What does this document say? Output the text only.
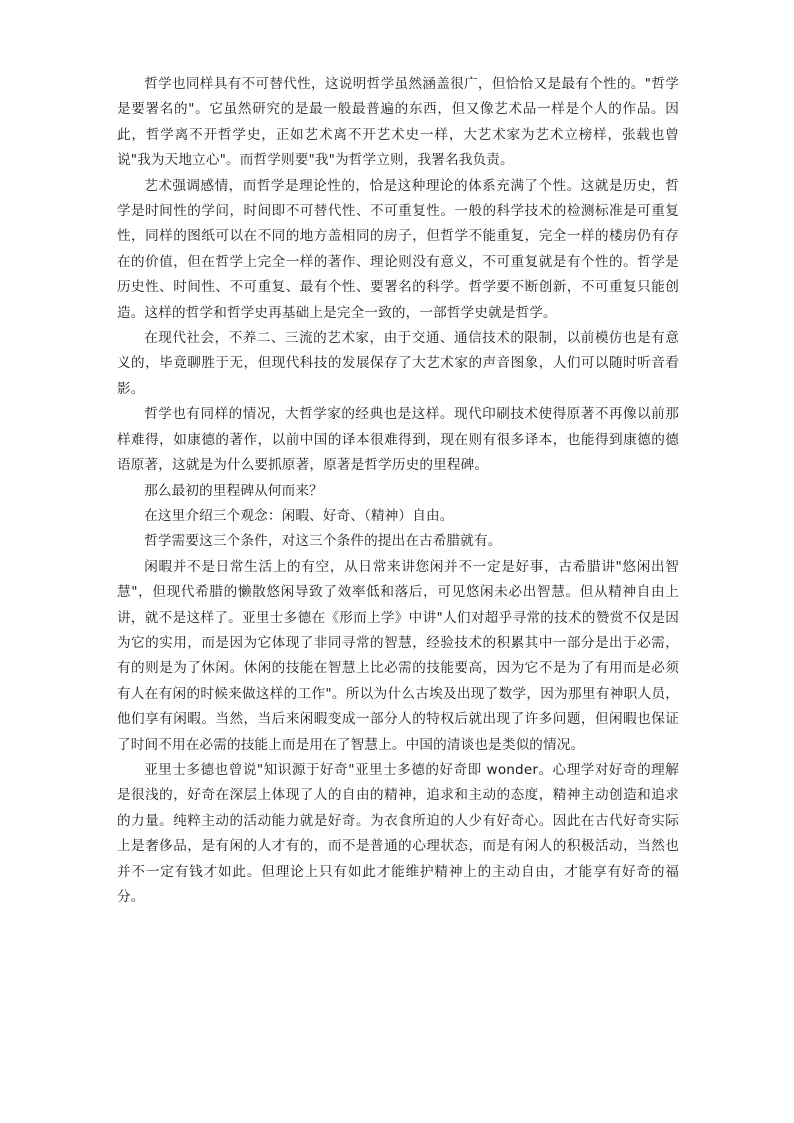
哲学也同样具有不可替代性，这说明哲学虽然涵盖很广，但恰恰又是最有个性的。"哲学是要署名的"。它虽然研究的是最一般最普遍的东西，但又像艺术品一样是个人的作品。因此，哲学离不开哲学史，正如艺术离不开艺术史一样，大艺术家为艺术立榜样，张载也曾说"我为天地立心"。而哲学则要"我"为哲学立则，我署名我负责。

艺术强调感情，而哲学是理论性的，恰是这种理论的体系充满了个性。这就是历史，哲学是时间性的学问，时间即不可替代性、不可重复性。一般的科学技术的检测标准是可重复性，同样的图纸可以在不同的地方盖相同的房子，但哲学不能重复，完全一样的楼房仍有存在的价值，但在哲学上完全一样的著作、理论则没有意义，不可重复就是有个性的。哲学是历史性、时间性、不可重复、最有个性、要署名的科学。哲学要不断创新，不可重复只能创造。这样的哲学和哲学史再基础上是完全一致的，一部哲学史就是哲学。

在现代社会，不养二、三流的艺术家，由于交通、通信技术的限制，以前模仿也是有意义的，毕竟聊胜于无，但现代科技的发展保存了大艺术家的声音图象，人们可以随时听音看影。

哲学也有同样的情况，大哲学家的经典也是这样。现代印刷技术使得原著不再像以前那样难得，如康德的著作，以前中国的译本很难得到，现在则有很多译本，也能得到康德的德语原著，这就是为什么要抓原著，原著是哲学历史的里程碑。

那么最初的里程碑从何而来？

在这里介绍三个观念：闲暇、好奇、（精神）自由。

哲学需要这三个条件，对这三个条件的提出在古希腊就有。

闲暇并不是日常生活上的有空，从日常来讲您闲并不一定是好事，古希腊讲"悠闲出智慧"，但现代希腊的懒散悠闲导致了效率低和落后，可见悠闲未必出智慧。但从精神自由上讲，就不是这样了。亚里士多德在《形而上学》中讲"人们对超乎寻常的技术的赞赏不仅是因为它的实用，而是因为它体现了非同寻常的智慧，经验技术的积累其中一部分是出于必需，有的则是为了休闲。休闲的技能在智慧上比必需的技能要高，因为它不是为了有用而是必须有人在有闲的时候来做这样的工作"。所以为什么古埃及出现了数学，因为那里有神职人员，他们享有闲暇。当然，当后来闲暇变成一部分人的特权后就出现了许多问题，但闲暇也保证了时间不用在必需的技能上而是用在了智慧上。中国的清谈也是类似的情况。

亚里士多德也曾说"知识源于好奇"亚里士多德的好奇即 wonder。心理学对好奇的理解是很浅的，好奇在深层上体现了人的自由的精神，追求和主动的态度，精神主动创造和追求的力量。纯粹主动的活动能力就是好奇。为衣食所迫的人少有好奇心。因此在古代好奇实际上是奢侈品，是有闲的人才有的，而不是普通的心理状态，而是有闲人的积极活动，当然也并不一定有钱才如此。但理论上只有如此才能维护精神上的主动自由，才能享有好奇的福分。
